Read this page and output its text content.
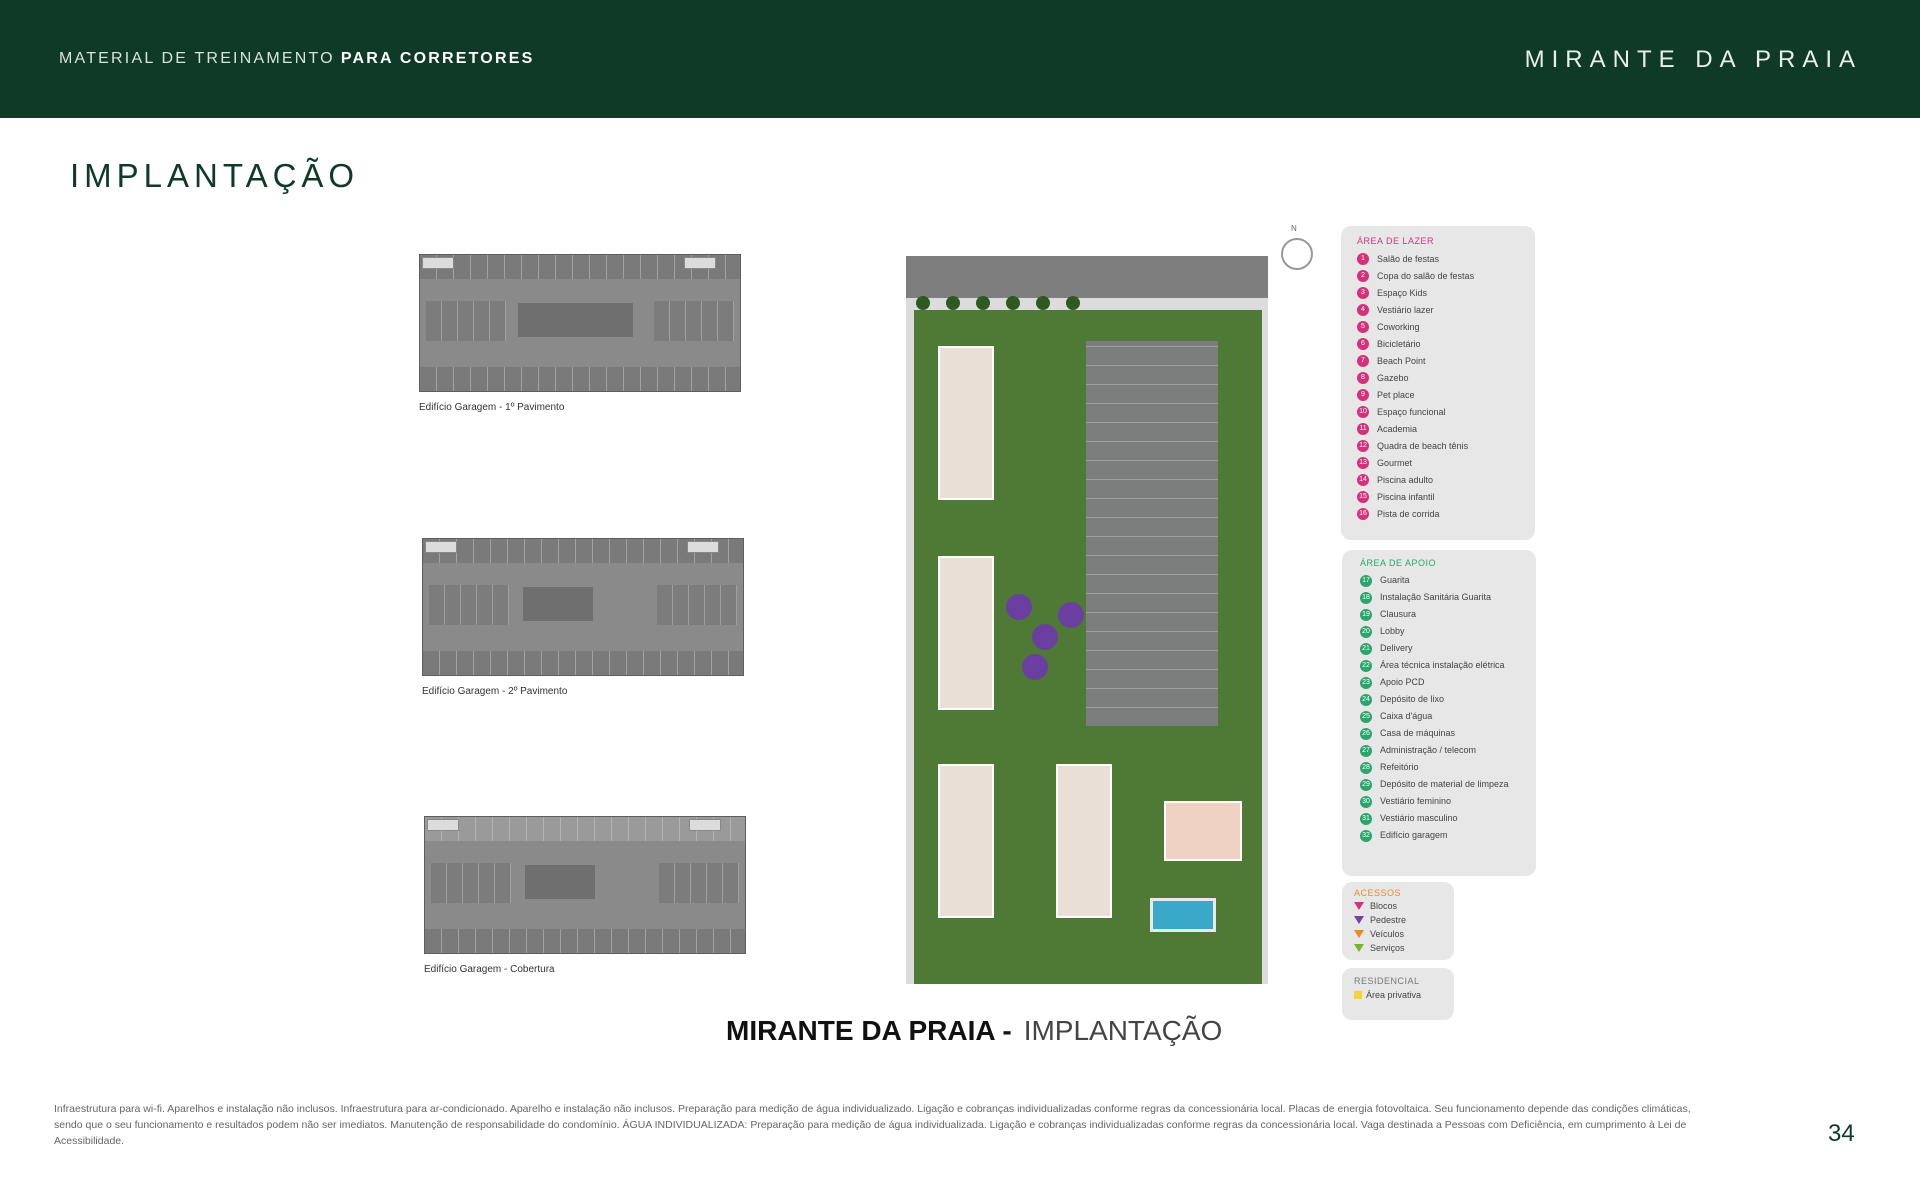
MATERIAL DE TREINAMENTO PARA CORRETORES	MIRANTE DA PRAIA
IMPLANTAÇÃO
Edifício Garagem - 1º Pavimento
Edifício Garagem - 2º Pavimento
Edifício Garagem - Cobertura
N
ÁREA DE LAZER
1	Salão de festas
2	Copa do salão de festas
3	Espaço Kids
4	Vestiário lazer
5	Coworking
6	Bicicletário
7	Beach Point
8	Gazebo
9	Pet place
10 Espaço funcional
11 Academia
12 Quadra de beach tênis
13 Gourmet
14 Piscina adulto
15 Piscina infantil
16 Pista de corrida
ÁREA DE APOIO
17 Guarita
18 Instalação Sanitária Guarita
19 Clausura
20 Lobby
21 Delivery
22 Área técnica instalação elétrica
23 Apoio PCD
24 Depósito de lixo
25 Caixa d'água
26 Casa de máquinas
27 Administração / telecom
28 Refeitório
29 Depósito de material de limpeza
30 Vestiário feminino
31 Vestiário masculino
32 Edifício garagem
ACESSOS
Blocos
Pedestre
Veículos
Serviços
RESIDENCIAL
Área privativa
MIRANTE DA PRAIA - IMPLANTAÇÃO
Infraestrutura para wi-fi. Aparelhos e instalação não inclusos. Infraestrutura para ar-condicionado. Aparelho e instalação não inclusos. Preparação para medição de água individualizado. Ligação e cobranças individualizadas conforme regras da concessionária local. Placas de energia fotovoltaica. Seu funcionamento depende das condições climáticas, sendo que o seu funcionamento e resultados podem não ser imediatos. Manutenção de responsabilidade do condomínio. ÁGUA INDIVIDUALIZADA: Preparação para medição de água individualizada. Ligação e cobranças individualizadas conforme regras da concessionária local. Vaga destinada a Pessoas com Deficiência, em cumprimento à Lei de Acessibilidade.	34
